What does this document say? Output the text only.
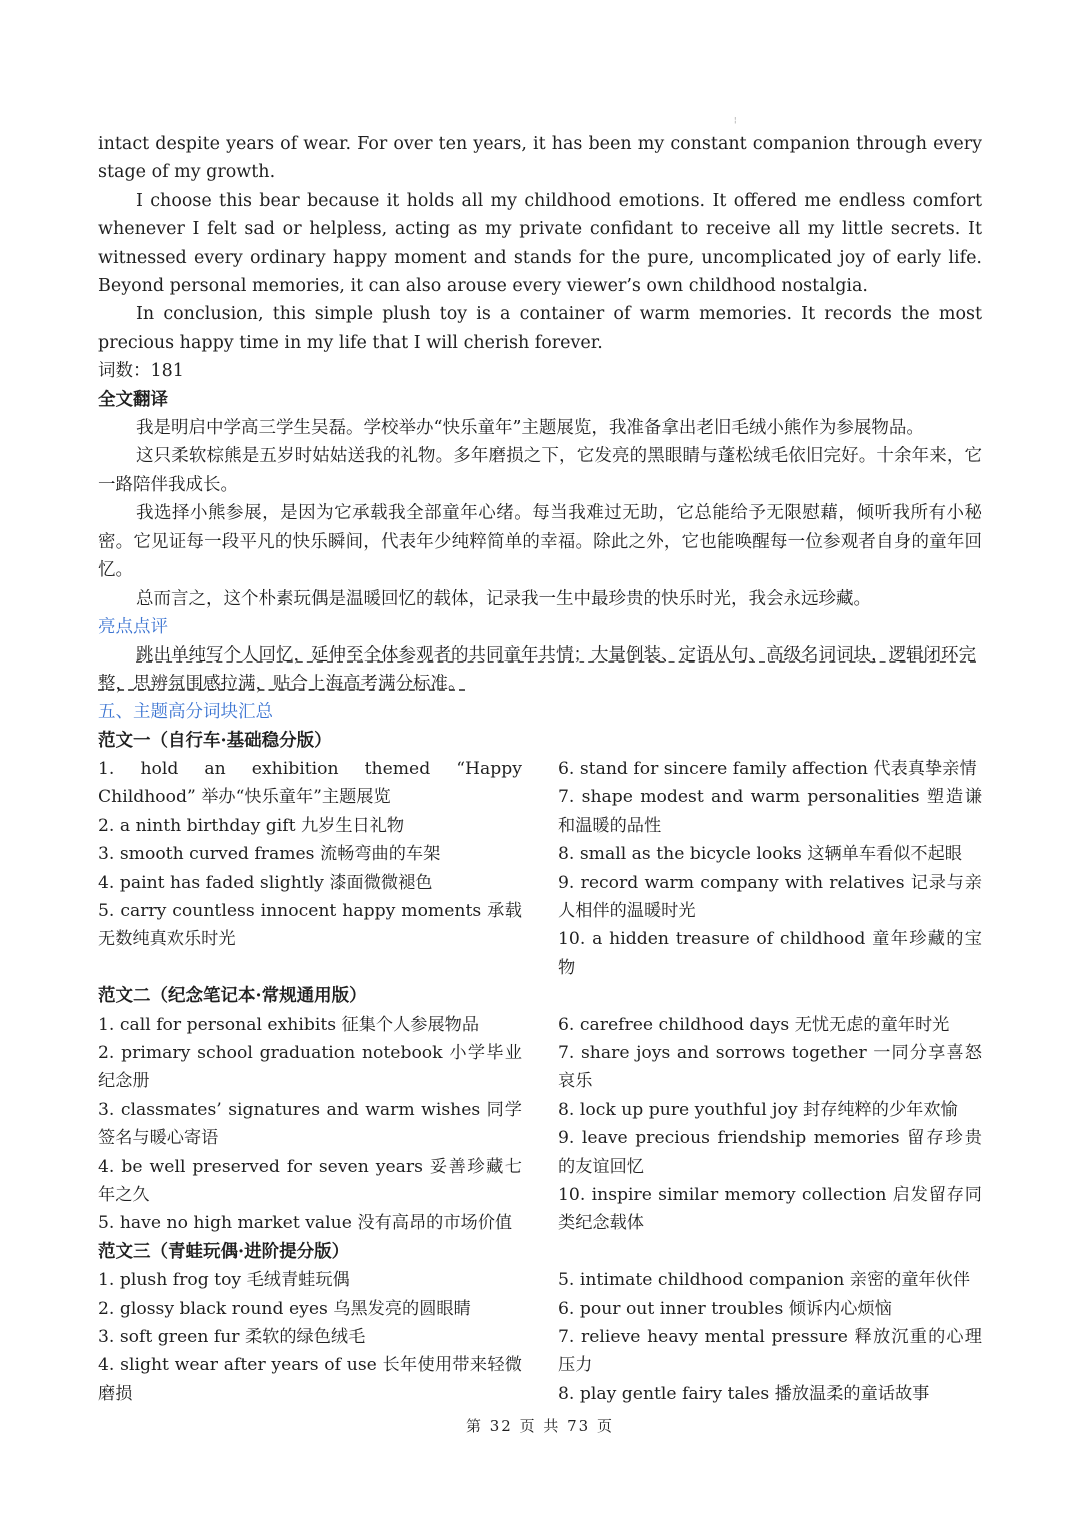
¦

intact despite years of wear. For over ten years, it has been my constant companion through every stage of my growth.

I choose this bear because it holds all my childhood emotions. It offered me endless comfort whenever I felt sad or helpless, acting as my private confidant to receive all my little secrets. It witnessed every ordinary happy moment and stands for the pure, uncomplicated joy of early life. Beyond personal memories, it can also arouse every viewer’s own childhood nostalgia.

In conclusion, this simple plush toy is a container of warm memories. It records the most precious happy time in my life that I will cherish forever.

词数：181

全文翻译

我是明启中学高三学生吴磊。学校举办“快乐童年”主题展览，我准备拿出老旧毛绒小熊作为参展物品。

这只柔软棕熊是五岁时姑姑送我的礼物。多年磨损之下，它发亮的黑眼睛与蓬松绒毛依旧完好。十余年来，它一路陪伴我成长。

我选择小熊参展，是因为它承载我全部童年心绪。每当我难过无助，它总能给予无限慰藉，倾听我所有小秘密。它见证每一段平凡的快乐瞬间，代表年少纯粹简单的幸福。除此之外，它也能唤醒每一位参观者自身的童年回忆。

总而言之，这个朴素玩偶是温暖回忆的载体，记录我一生中最珍贵的快乐时光，我会永远珍藏。

亮点点评

跳出单纯写个人回忆，延伸至全体参观者的共同童年共情；大量倒装、定语从句、高级名词词块，逻辑闭环完整，思辨氛围感拉满，贴合上海高考满分标准。

五、主题高分词块汇总

范文一（自行车·基础稳分版）

1. hold an exhibition themed “Happy Childhood” 举办“快乐童年”主题展览

2. a ninth birthday gift 九岁生日礼物

3. smooth curved frames 流畅弯曲的车架

4. paint has faded slightly 漆面微微褪色

5. carry countless innocent happy moments 承载无数纯真欢乐时光

6. stand for sincere family affection 代表真挚亲情

7. shape modest and warm personalities 塑造谦和温暖的品性

8. small as the bicycle looks 这辆单车看似不起眼

9. record warm company with relatives 记录与亲人相伴的温暖时光

10. a hidden treasure of childhood 童年珍藏的宝物

范文二（纪念笔记本·常规通用版）

1. call for personal exhibits 征集个人参展物品

2. primary school graduation notebook 小学毕业纪念册

3. classmates’ signatures and warm wishes 同学签名与暖心寄语

4. be well preserved for seven years 妥善珍藏七年之久

5. have no high market value 没有高昂的市场价值

6. carefree childhood days 无忧无虑的童年时光

7. share joys and sorrows together 一同分享喜怒哀乐

8. lock up pure youthful joy 封存纯粹的少年欢愉

9. leave precious friendship memories 留存珍贵的友谊回忆

10. inspire similar memory collection 启发留存同类纪念载体

范文三（青蛙玩偶·进阶提分版）

1. plush frog toy 毛绒青蛙玩偶

2. glossy black round eyes 乌黑发亮的圆眼睛

3. soft green fur 柔软的绿色绒毛

4. slight wear after years of use 长年使用带来轻微磨损

5. intimate childhood companion 亲密的童年伙伴

6. pour out inner troubles 倾诉内心烦恼

7. relieve heavy mental pressure 释放沉重的心理压力

8. play gentle fairy tales 播放温柔的童话故事

第 32 页 共 73 页
